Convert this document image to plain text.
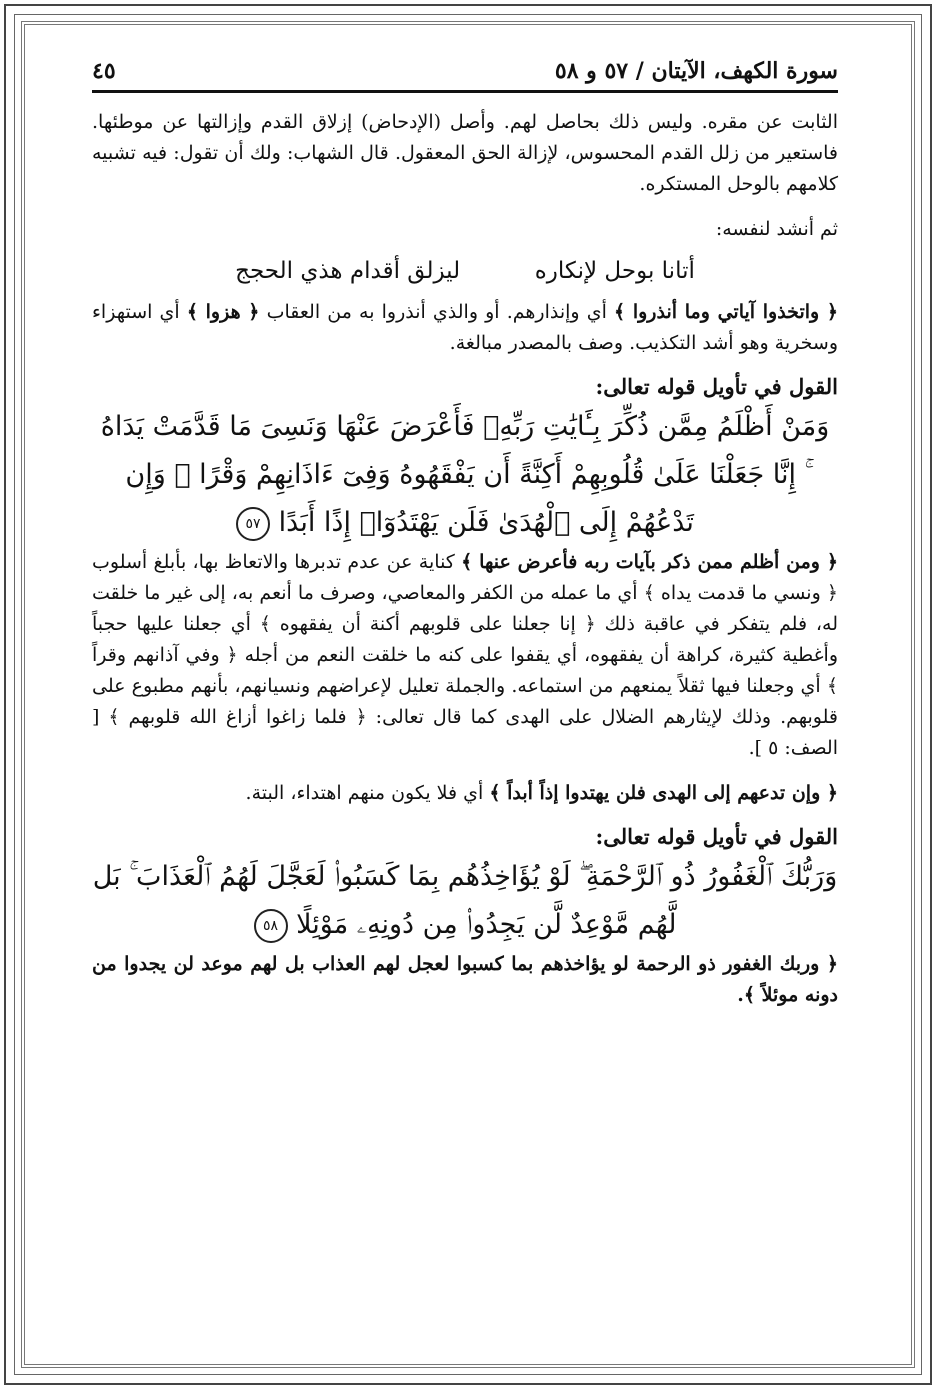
سورة الكهف، الآيتان / ٥٧ و ٥٨
٤٥

الثابت عن مقره. وليس ذلك بحاصل لهم. وأصل (الإدحاض) إزلاق القدم وإزالتها عن موطئها. فاستعير من زلل القدم المحسوس، لإزالة الحق المعقول. قال الشهاب: ولك أن تقول: فيه تشبيه كلامهم بالوحل المستكره.

ثم أنشد لنفسه:

أتانا بوحل لإنكاره  ليزلق أقدام هذي الحجج

﴿ واتخذوا آياتي وما أنذروا ﴾ أي وإنذارهم. أو والذي أنذروا به من العقاب ﴿ هزوا ﴾ أي استهزاء وسخرية وهو أشد التكذيب. وصف بالمصدر مبالغة.

القول في تأويل قوله تعالى:
وَمَنْ أَظْلَمُ مِمَّن ذُكِّرَ بِـَٔايَٰتِ رَبِّهِۦ فَأَعْرَضَ عَنْهَا وَنَسِىَ مَا قَدَّمَتْ يَدَاهُ ۚ إِنَّا جَعَلْنَا عَلَىٰ قُلُوبِهِمْ أَكِنَّةً أَن يَفْقَهُوهُ وَفِىٓ ءَاذَانِهِمْ وَقْرًا ۖ وَإِن تَدْعُهُمْ إِلَى ٱلْهُدَىٰ فَلَن يَهْتَدُوٓا۟ إِذًا أَبَدًا ٥٧

﴿ ومن أظلم ممن ذكر بآيات ربه فأعرض عنها ﴾ كناية عن عدم تدبرها والاتعاظ بها، بأبلغ أسلوب ﴿ ونسي ما قدمت يداه ﴾ أي ما عمله من الكفر والمعاصي، وصرف ما أنعم به، إلى غير ما خلقت له، فلم يتفكر في عاقبة ذلك ﴿ إنا جعلنا على قلوبهم أكنة أن يفقهوه ﴾ أي جعلنا عليها حجباً وأغطية كثيرة، كراهة أن يفقهوه، أي يقفوا على كنه ما خلقت النعم من أجله ﴿ وفي آذانهم وقراً ﴾ أي وجعلنا فيها ثقلاً يمنعهم من استماعه. والجملة تعليل لإعراضهم ونسيانهم، بأنهم مطبوع على قلوبهم. وذلك لإيثارهم الضلال على الهدى كما قال تعالى: ﴿ فلما زاغوا أزاغ الله قلوبهم ﴾ [ الصف: ٥ ].

﴿ وإن تدعهم إلى الهدى فلن يهتدوا إذاً أبداً ﴾ أي فلا يكون منهم اهتداء، البتة.

القول في تأويل قوله تعالى:
وَرَبُّكَ ٱلْغَفُورُ ذُو ٱلرَّحْمَةِ ۖ لَوْ يُؤَاخِذُهُم بِمَا كَسَبُوا۟ لَعَجَّلَ لَهُمُ ٱلْعَذَابَ ۚ بَل لَّهُم مَّوْعِدٌ لَّن يَجِدُوا۟ مِن دُونِهِۦ مَوْئِلًا ٥٨

﴿ وربك الغفور ذو الرحمة لو يؤاخذهم بما كسبوا لعجل لهم العذاب بل لهم موعد لن يجدوا من دونه موئلاً ﴾.
